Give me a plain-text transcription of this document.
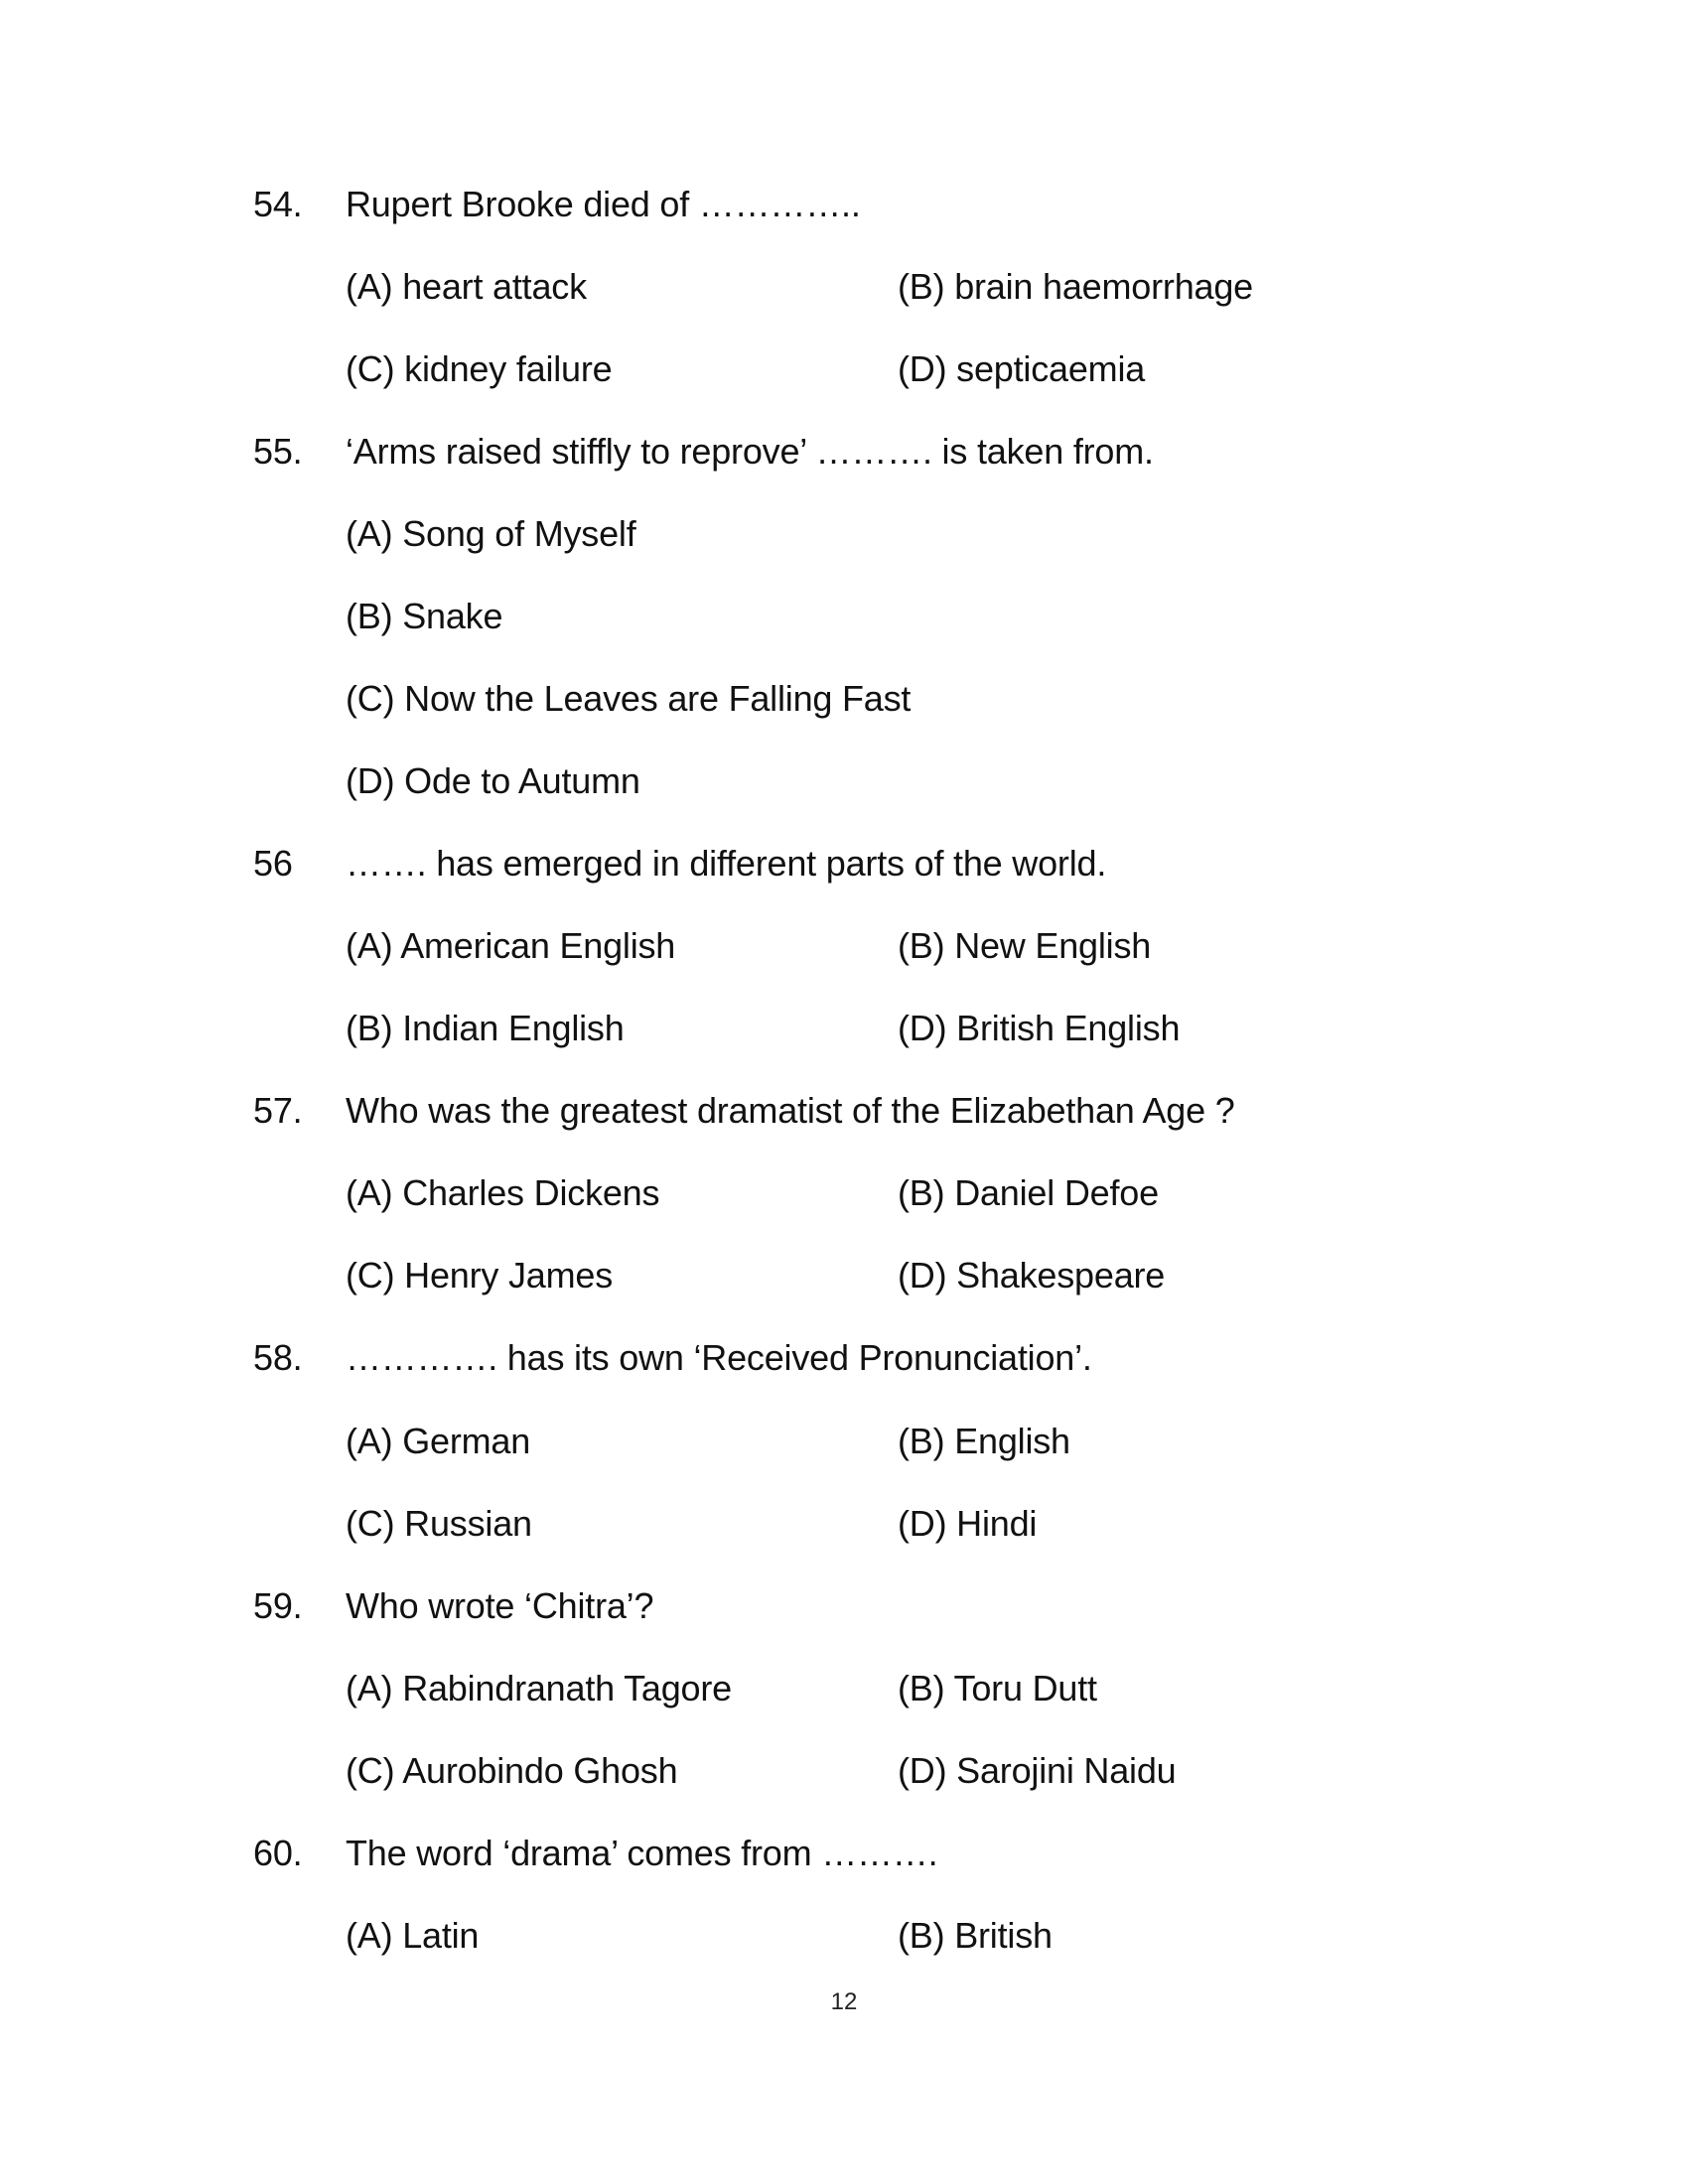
54. Rupert Brooke died of …………..
(A) heart attack	(B) brain haemorrhage
(C) kidney failure	(D) septicaemia
55. ‘Arms raised stiffly to reprove’ ………. is taken from.
(A) Song of Myself
(B) Snake
(C) Now the Leaves are Falling Fast
(D) Ode to Autumn
56 ……. has emerged in different parts of the world.
(A) American English	(B) New English
(B) Indian English	(D) British English
57. Who was the greatest dramatist of the Elizabethan Age ?
(A) Charles Dickens	(B) Daniel Defoe
(C) Henry James	(D) Shakespeare
58. …………. has its own ‘Received Pronunciation’.
(A) German	(B) English
(C) Russian	(D) Hindi
59. Who wrote ‘Chitra’?
(A) Rabindranath Tagore	(B) Toru Dutt
(C) Aurobindo Ghosh	(D) Sarojini Naidu
60. The word ‘drama’ comes from ……….
(A) Latin	(B) British
12
